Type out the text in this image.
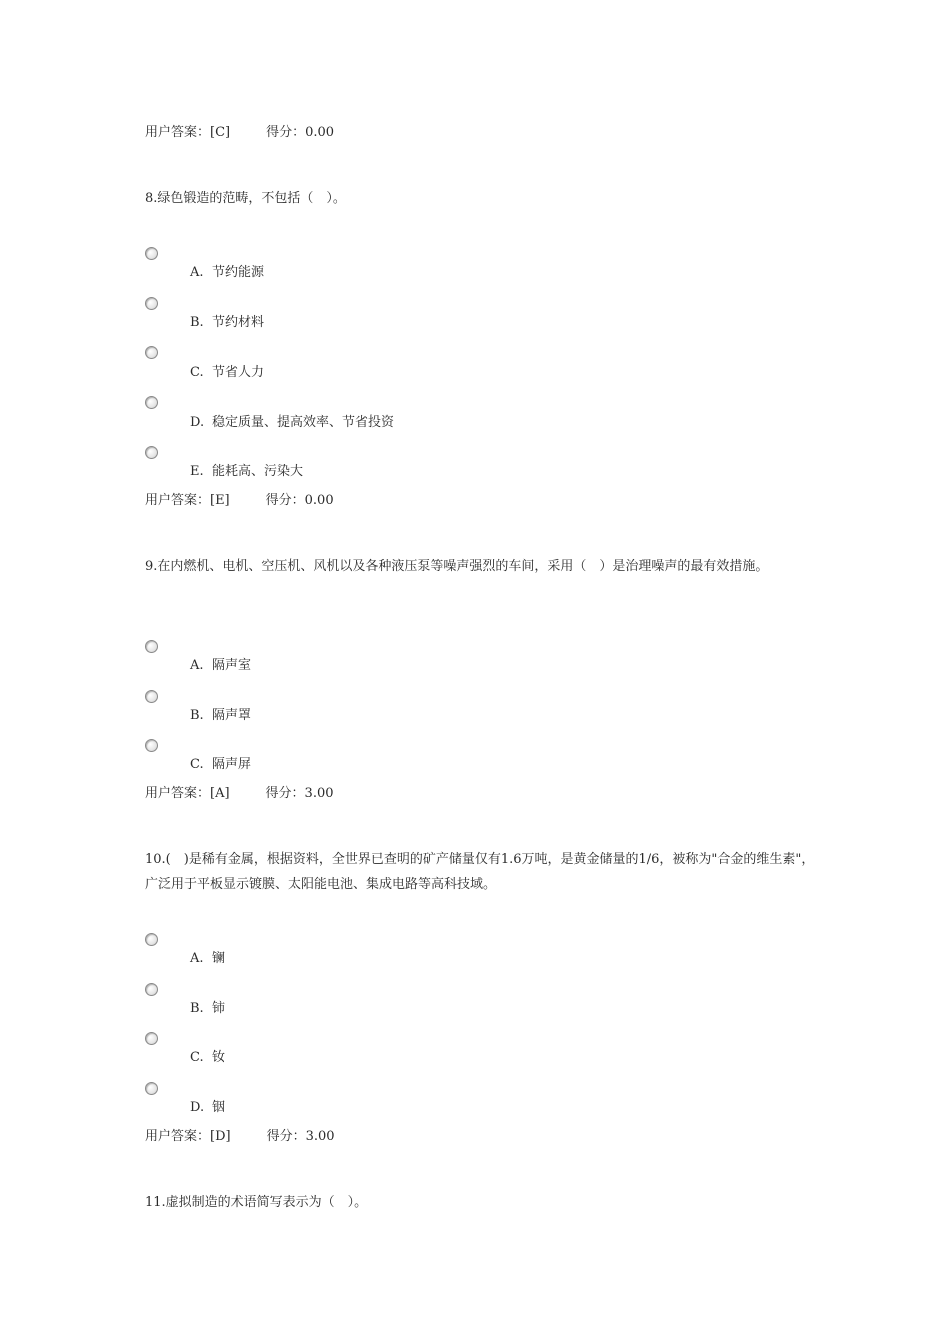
用户答案：[C]	得分：0.00
8.绿色锻造的范畴，不包括（　）。
A. 节约能源
B. 节约材料
C. 节省人力
D. 稳定质量、提高效率、节省投资
E. 能耗高、污染大
用户答案：[E]	得分：0.00
9.在内燃机、电机、空压机、风机以及各种液压泵等噪声强烈的车间，采用（　）是治理噪声的最有效措施。
A. 隔声室
B. 隔声罩
C. 隔声屏
用户答案：[A]	得分：3.00
10.(　)是稀有金属，根据资料，全世界已查明的矿产储量仅有1.6万吨，是黄金储量的1/6，被称为"合金的维生素"，广泛用于平板显示镀膜、太阳能电池、集成电路等高科技域。
A. 镧
B. 铈
C. 钕
D. 铟
用户答案：[D]	得分：3.00
11.虚拟制造的术语简写表示为（　）。
